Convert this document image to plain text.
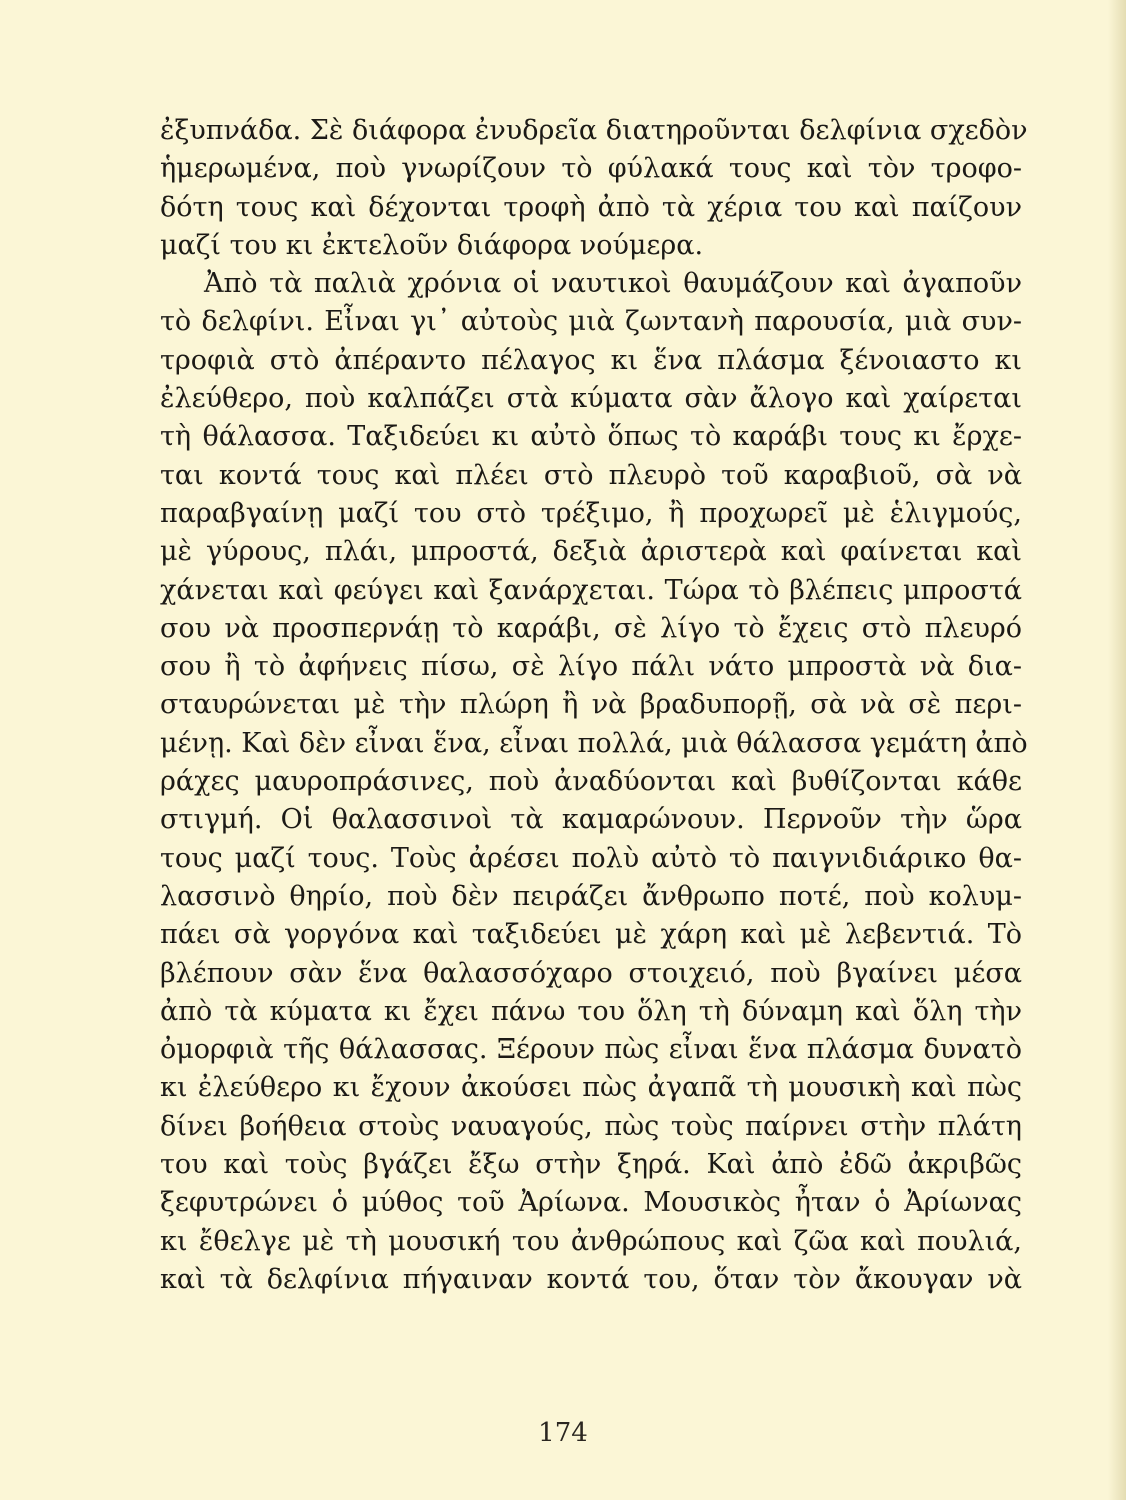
ἐξυπνάδα. Σὲ διάφορα ἐνυδρεῖα διατηροῦνται δελφίνια σχεδὸν
ἡμερωμένα, ποὺ γνωρίζουν τὸ φύλακά τους καὶ τὸν τροφο-
δότη τους καὶ δέχονται τροφὴ ἀπὸ τὰ χέρια του καὶ παίζουν
μαζί του κι ἐκτελοῦν διάφορα νούμερα.
Ἀπὸ τὰ παλιὰ χρόνια οἱ ναυτικοὶ θαυμάζουν καὶ ἀγαποῦν
τὸ δελφίνι. Εἶναι γι᾽ αὐτοὺς μιὰ ζωντανὴ παρουσία, μιὰ συν-
τροφιὰ στὸ ἀπέραντο πέλαγος κι ἕνα πλάσμα ξένοιαστο κι
ἐλεύθερο, ποὺ καλπάζει στὰ κύματα σὰν ἄλογο καὶ χαίρεται
τὴ θάλασσα. Ταξιδεύει κι αὐτὸ ὅπως τὸ καράβι τους κι ἔρχε-
ται κοντά τους καὶ πλέει στὸ πλευρὸ τοῦ καραβιοῦ, σὰ νὰ
παραβγαίνῃ μαζί του στὸ τρέξιμο, ἢ προχωρεῖ μὲ ἑλιγμούς,
μὲ γύρους, πλάι, μπροστά, δεξιὰ ἀριστερὰ καὶ φαίνεται καὶ
χάνεται καὶ φεύγει καὶ ξανάρχεται. Τώρα τὸ βλέπεις μπροστά
σου νὰ προσπερνάῃ τὸ καράβι, σὲ λίγο τὸ ἔχεις στὸ πλευρό
σου ἢ τὸ ἀφήνεις πίσω, σὲ λίγο πάλι νάτο μπροστὰ νὰ δια-
σταυρώνεται μὲ τὴν πλώρη ἢ νὰ βραδυπορῇ, σὰ νὰ σὲ περι-
μένῃ. Καὶ δὲν εἶναι ἕνα, εἶναι πολλά, μιὰ θάλασσα γεμάτη ἀπὸ
ράχες μαυροπράσινες, ποὺ ἀναδύονται καὶ βυθίζονται κάθε
στιγμή. Οἱ θαλασσινοὶ τὰ καμαρώνουν. Περνοῦν τὴν ὥρα
τους μαζί τους. Τοὺς ἀρέσει πολὺ αὐτὸ τὸ παιγνιδιάρικο θα-
λασσινὸ θηρίο, ποὺ δὲν πειράζει ἄνθρωπο ποτέ, ποὺ κολυμ-
πάει σὰ γοργόνα καὶ ταξιδεύει μὲ χάρη καὶ μὲ λεβεντιά. Τὸ
βλέπουν σὰν ἕνα θαλασσόχαρο στοιχειό, ποὺ βγαίνει μέσα
ἀπὸ τὰ κύματα κι ἔχει πάνω του ὅλη τὴ δύναμη καὶ ὅλη τὴν
ὀμορφιὰ τῆς θάλασσας. Ξέρουν πὼς εἶναι ἕνα πλάσμα δυνατὸ
κι ἐλεύθερο κι ἔχουν ἀκούσει πὼς ἀγαπᾶ τὴ μουσικὴ καὶ πὼς
δίνει βοήθεια στοὺς ναυαγούς, πὼς τοὺς παίρνει στὴν πλάτη
του καὶ τοὺς βγάζει ἔξω στὴν ξηρά. Καὶ ἀπὸ ἐδῶ ἀκριβῶς
ξεφυτρώνει ὁ μύθος τοῦ Ἀρίωνα. Μουσικὸς ἦταν ὁ Ἀρίωνας
κι ἔθελγε μὲ τὴ μουσική του ἀνθρώπους καὶ ζῶα καὶ πουλιά,
καὶ τὰ δελφίνια πήγαιναν κοντά του, ὅταν τὸν ἄκουγαν νὰ
174
